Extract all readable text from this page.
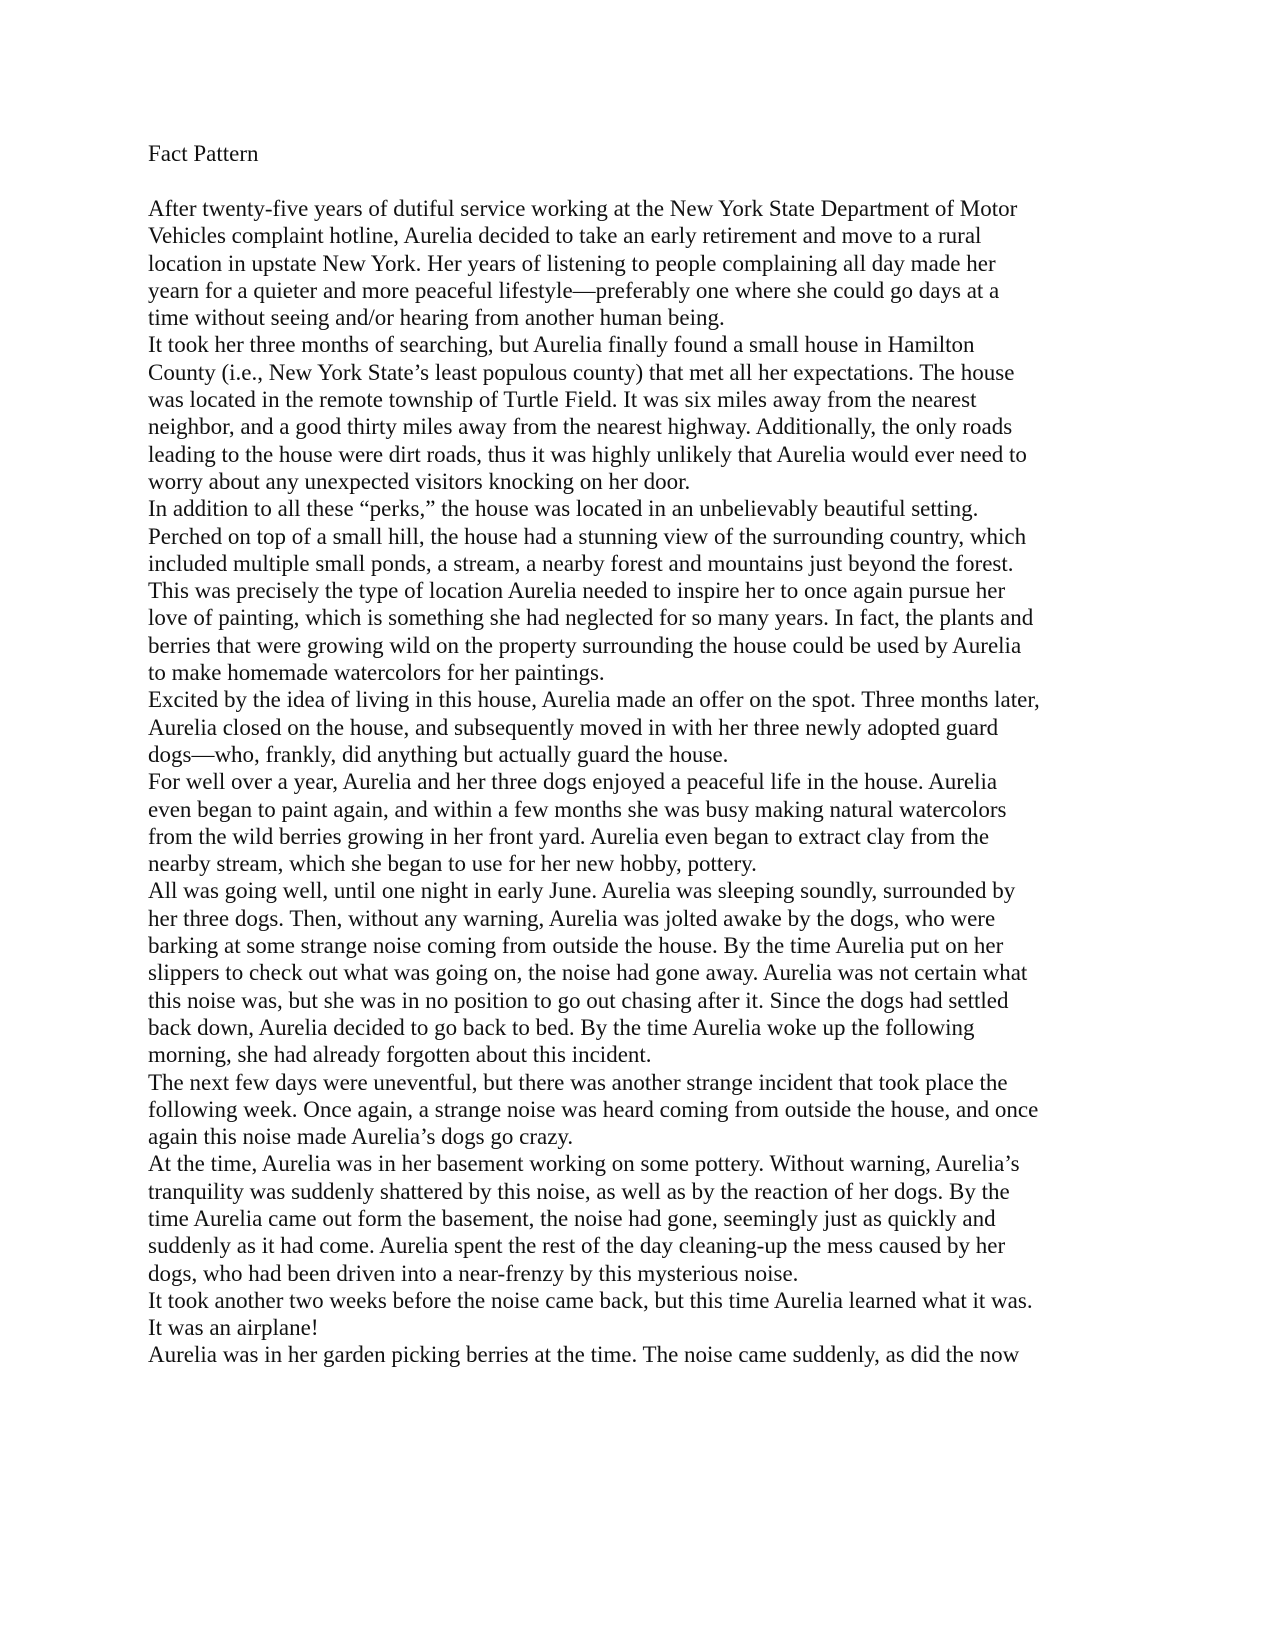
Fact Pattern

After twenty-five years of dutiful service working at the New York State Department of Motor
Vehicles complaint hotline, Aurelia decided to take an early retirement and move to a rural
location in upstate New York. Her years of listening to people complaining all day made her
yearn for a quieter and more peaceful lifestyle—preferably one where she could go days at a
time without seeing and/or hearing from another human being.

It took her three months of searching, but Aurelia finally found a small house in Hamilton
County (i.e., New York State’s least populous county) that met all her expectations. The house
was located in the remote township of Turtle Field. It was six miles away from the nearest
neighbor, and a good thirty miles away from the nearest highway. Additionally, the only roads
leading to the house were dirt roads, thus it was highly unlikely that Aurelia would ever need to
worry about any unexpected visitors knocking on her door.

In addition to all these “perks,” the house was located in an unbelievably beautiful setting.
Perched on top of a small hill, the house had a stunning view of the surrounding country, which
included multiple small ponds, a stream, a nearby forest and mountains just beyond the forest.
This was precisely the type of location Aurelia needed to inspire her to once again pursue her
love of painting, which is something she had neglected for so many years. In fact, the plants and
berries that were growing wild on the property surrounding the house could be used by Aurelia
to make homemade watercolors for her paintings.

Excited by the idea of living in this house, Aurelia made an offer on the spot. Three months later,
Aurelia closed on the house, and subsequently moved in with her three newly adopted guard
dogs—who, frankly, did anything but actually guard the house.

For well over a year, Aurelia and her three dogs enjoyed a peaceful life in the house. Aurelia
even began to paint again, and within a few months she was busy making natural watercolors
from the wild berries growing in her front yard. Aurelia even began to extract clay from the
nearby stream, which she began to use for her new hobby, pottery.

All was going well, until one night in early June. Aurelia was sleeping soundly, surrounded by
her three dogs. Then, without any warning, Aurelia was jolted awake by the dogs, who were
barking at some strange noise coming from outside the house. By the time Aurelia put on her
slippers to check out what was going on, the noise had gone away. Aurelia was not certain what
this noise was, but she was in no position to go out chasing after it. Since the dogs had settled
back down, Aurelia decided to go back to bed. By the time Aurelia woke up the following
morning, she had already forgotten about this incident.

The next few days were uneventful, but there was another strange incident that took place the
following week. Once again, a strange noise was heard coming from outside the house, and once
again this noise made Aurelia’s dogs go crazy.

At the time, Aurelia was in her basement working on some pottery. Without warning, Aurelia’s
tranquility was suddenly shattered by this noise, as well as by the reaction of her dogs. By the
time Aurelia came out form the basement, the noise had gone, seemingly just as quickly and
suddenly as it had come. Aurelia spent the rest of the day cleaning-up the mess caused by her
dogs, who had been driven into a near-frenzy by this mysterious noise.

It took another two weeks before the noise came back, but this time Aurelia learned what it was.
It was an airplane!

Aurelia was in her garden picking berries at the time. The noise came suddenly, as did the now
